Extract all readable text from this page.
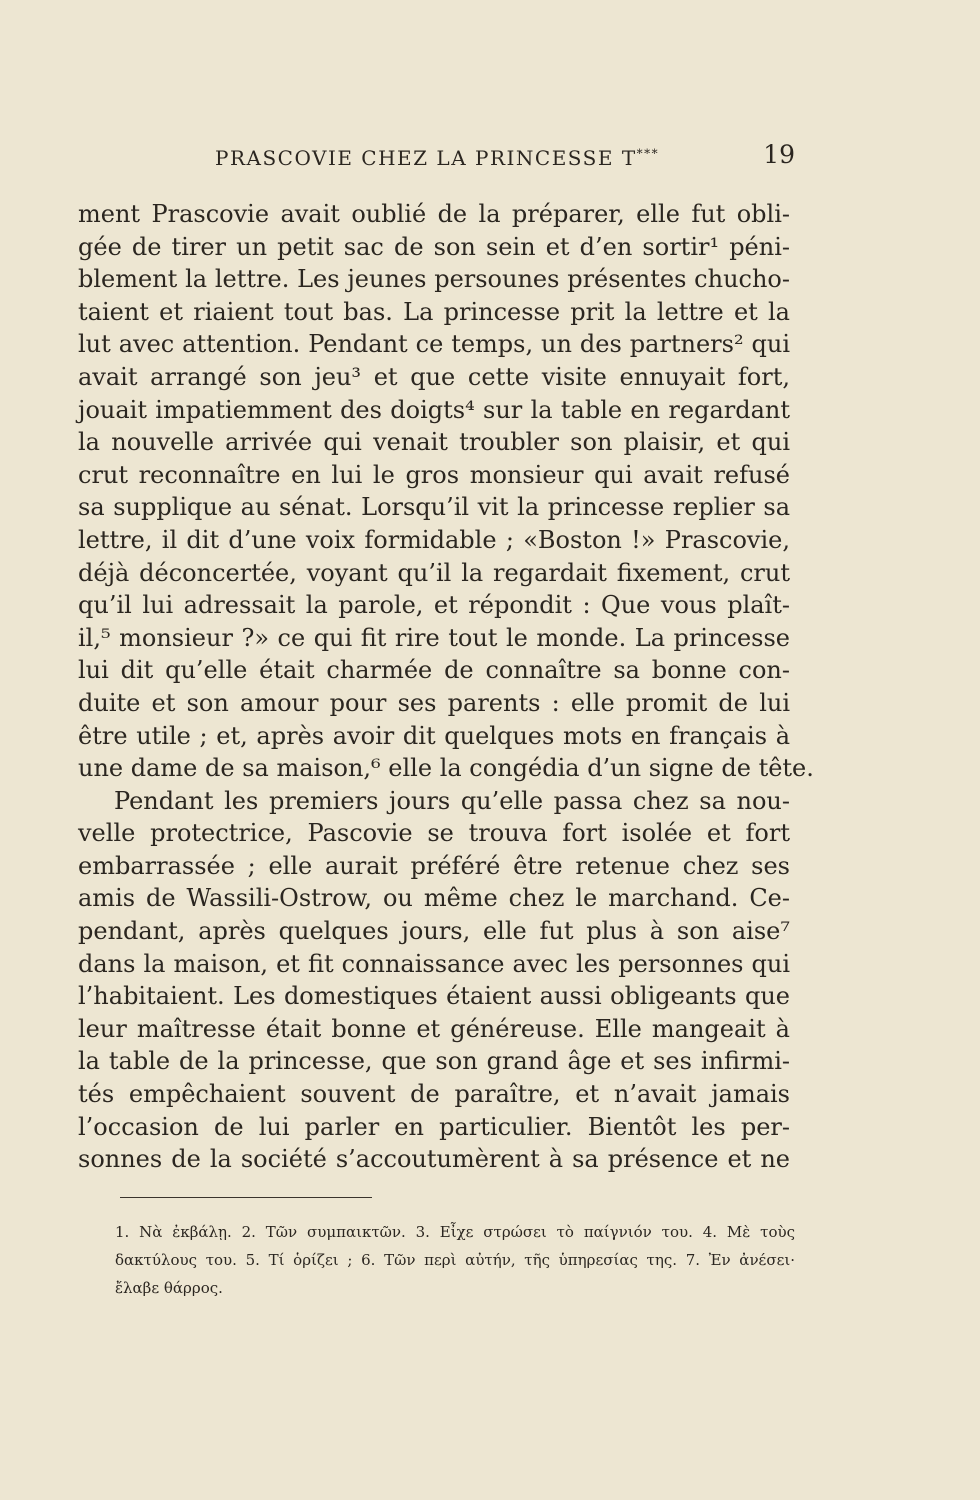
PRASCOVIE CHEZ LA PRINCESSE T***	19
ment Prascovie avait oublié de la préparer, elle fut obli-
gée de tirer un petit sac de son sein et d’en sortir¹ péni-
blement la lettre. Les jeunes persounes présentes chucho-
taient et riaient tout bas. La princesse prit la lettre et la
lut avec attention. Pendant ce temps, un des partners² qui
avait arrangé son jeu³ et que cette visite ennuyait fort,
jouait impatiemment des doigts⁴ sur la table en regardant
la nouvelle arrivée qui venait troubler son plaisir, et qui
crut reconnaître en lui le gros monsieur qui avait refusé
sa supplique au sénat. Lorsqu’il vit la princesse replier sa
lettre, il dit d’une voix formidable ; «Boston !» Prascovie,
déjà déconcertée, voyant qu’il la regardait fixement, crut
qu’il lui adressait la parole, et répondit : Que vous plaît-
il,⁵ monsieur ?» ce qui fit rire tout le monde. La princesse
lui dit qu’elle était charmée de connaître sa bonne con-
duite et son amour pour ses parents : elle promit de lui
être utile ; et, après avoir dit quelques mots en français à
une dame de sa maison,⁶ elle la congédia d’un signe de tête.
Pendant les premiers jours qu’elle passa chez sa nou-
velle protectrice, Pascovie se trouva fort isolée et fort
embarrassée ; elle aurait préféré être retenue chez ses
amis de Wassili-Ostrow, ou même chez le marchand. Ce-
pendant, après quelques jours, elle fut plus à son aise⁷
dans la maison, et fit connaissance avec les personnes qui
l’habitaient. Les domestiques étaient aussi obligeants que
leur maîtresse était bonne et généreuse. Elle mangeait à
la table de la princesse, que son grand âge et ses infirmi-
tés empêchaient souvent de paraître, et n’avait jamais
l’occasion de lui parler en particulier. Bientôt les per-
sonnes de la société s’accoutumèrent à sa présence et ne
1. Νὰ ἐκβάλῃ. 2. Τῶν συμπαικτῶν. 3. Εἶχε στρώσει τὸ παίγνιόν του. 4. Μὲ τοὺς
δακτύλους του. 5. Τί ὁρίζει ; 6. Τῶν περὶ αὐτήν, τῆς ὑπηρεσίας της. 7. Ἐν ἀνέσει·
ἔλαβε θάρρος.
